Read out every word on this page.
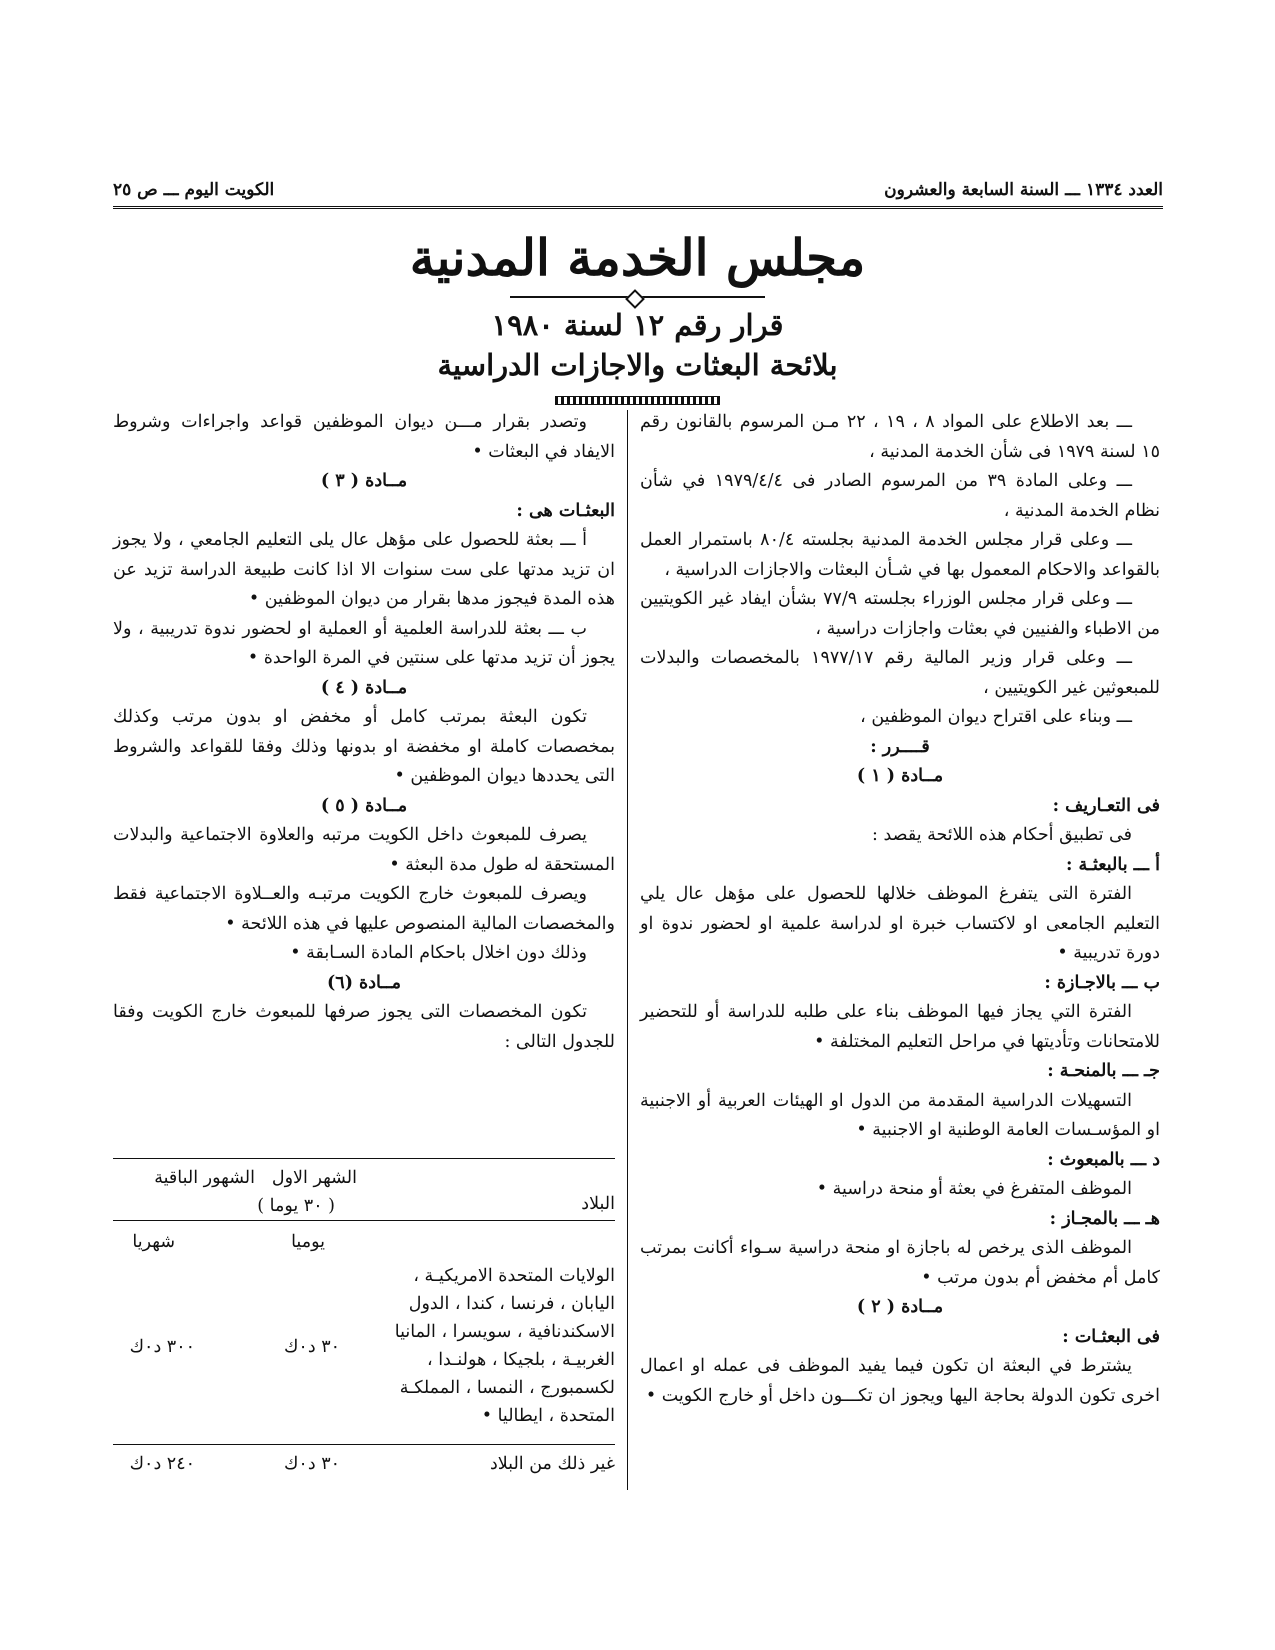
العدد ١٣٣٤ ـــ السنة السابعة والعشرون
الكويت اليوم ـــ ص ٢٥
مجلس الخدمة المدنية
قرار رقم ١٢ لسنة ١٩٨٠
بلائحة البعثات والاجازات الدراسية

ـــ بعد الاطلاع على المواد ٨ ، ١٩ ، ٢٢ مـن المرسوم بالقانون رقم ١٥ لسنة ١٩٧٩ فى شأن الخدمة المدنية ،

ـــ وعلى المادة ٣٩ من المرسوم الصادر فى ١٩٧٩/٤/٤ في شأن نظام الخدمة المدنية ،

ـــ وعلى قرار مجلس الخدمة المدنية بجلسته ٨٠/٤ باستمرار العمل بالقواعد والاحكام المعمول بها في شـأن البعثات والاجازات الدراسية ،

ـــ وعلى قرار مجلس الوزراء بجلسته ٧٧/٩ بشأن ايفاد غير الكويتيين من الاطباء والفنيين في بعثات واجازات دراسية ،

ـــ وعلى قرار وزير المالية رقم ١٩٧٧/١٧ بالمخصصات والبدلات للمبعوثين غير الكويتيين ،

ـــ وبناء على اقتراح ديوان الموظفين ،

قــــرر :

مــادة ( ١ )

فى التعـاريف :

فى تطبيق أحكام هذه اللائحة يقصد :

أ ـــ بالبعثـة :

الفترة التى يتفرغ الموظف خلالها للحصول على مؤهل عال يلي التعليم الجامعى او لاكتساب خبرة او لدراسة علمية او لحضور ندوة او دورة تدريبية •

ب ـــ بالاجـازة :

الفترة التي يجاز فيها الموظف بناء على طلبه للدراسة أو للتحضير للامتحانات وتأديتها في مراحل التعليم المختلفة •

جـ ـــ بالمنحـة :

التسهيلات الدراسية المقدمة من الدول او الهيئات العربية أو الاجنبية او المؤسـسات العامة الوطنية او الاجنبية •

د ـــ بالمبعوث :

الموظف المتفرغ في بعثة أو منحة دراسية •

هـ ـــ بالمجـاز :

الموظف الذى يرخص له باجازة او منحة دراسية سـواء أكانت بمرتب كامل أم مخفض أم بدون مرتب •

مــادة ( ٢ )

فى البعثـات :

يشترط في البعثة ان تكون فيما يفيد الموظف فى عمله او اعمال اخرى تكون الدولة بحاجة اليها ويجوز ان تكـــون داخل أو خارج الكويت •

وتصدر بقرار مـــن ديوان الموظفين قواعد واجراءات وشروط الايفاد في البعثات •

مــادة ( ٣ )

البعثـات هى :

أ ـــ بعثة للحصول على مؤهل عال يلى التعليم الجامعي ، ولا يجوز ان تزيد مدتها على ست سنوات الا اذا كانت طبيعة الدراسة تزيد عن هذه المدة فيجوز مدها بقرار من ديوان الموظفين •

ب ـــ بعثة للدراسة العلمية أو العملية او لحضور ندوة تدريبية ، ولا يجوز أن تزيد مدتها على سنتين في المرة الواحدة •

مــادة ( ٤ )

تكون البعثة بمرتب كامل أو مخفض او بدون مرتب وكذلك بمخصصات كاملة او مخفضة او بدونها وذلك وفقا للقواعد والشروط التى يحددها ديوان الموظفين •

مــادة ( ٥ )

يصرف للمبعوث داخل الكويت مرتبه والعلاوة الاجتماعية والبدلات المستحقة له طول مدة البعثة •

ويصرف للمبعوث خارج الكويت مرتبـه والعــلاوة الاجتماعية فقط والمخصصات المالية المنصوص عليها في هذه اللائحة •

وذلك دون اخلال باحكام المادة السـابقة •

مــادة (٦)

تكون المخصصات التى يجوز صرفها للمبعوث خارج الكويت وفقا للجدول التالى :

الشهر الاول
الشهور الباقية
البلاد
( ٣٠ يوما )
يوميا
شهريا
الولايات المتحدة الامريكيـة ،
اليابان ، فرنسا ، كندا ، الدول
الاسكندنافية ، سويسرا ، المانيا
الغربيـة ، بلجيكا ، هولنـدا ،
لكسمبورج ، النمسا ، المملكـة
المتحدة ، ايطاليا •
٣٠ د٠ك
٣٠٠ د٠ك
غير ذلك من البلاد
٣٠ د٠ك
٢٤٠ د٠ك
